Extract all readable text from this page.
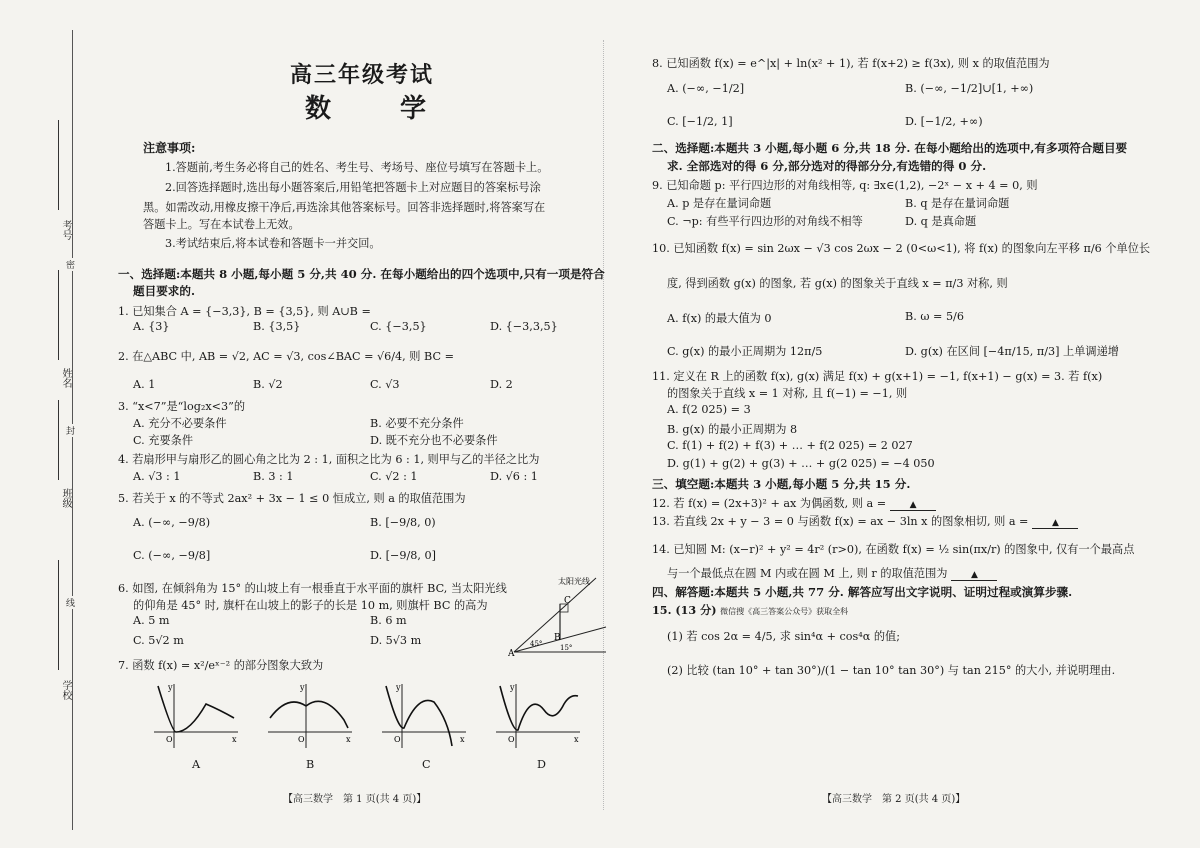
考号
姓名
班级
学校
密
封
线
高三年级考试
数 学
注意事项:
1.答题前,考生务必将自己的姓名、考生号、考场号、座位号填写在答题卡上。
2.回答选择题时,选出每小题答案后,用铅笔把答题卡上对应题目的答案标号涂
黑。如需改动,用橡皮擦干净后,再选涂其他答案标号。回答非选择题时,将答案写在
答题卡上。写在本试卷上无效。
3.考试结束后,将本试卷和答题卡一并交回。
一、选择题:本题共 8 小题,每小题 5 分,共 40 分. 在每小题给出的四个选项中,只有一项是符合
题目要求的.
1. 已知集合 A = {−3,3}, B = {3,5}, 则 A∪B =
A. {3}	B. {3,5}	C. {−3,5}	D. {−3,3,5}
2. 在△ABC 中, AB = √2, AC = √3, cos∠BAC = √6/4, 则 BC =
A. 1	B. √2	C. √3	D. 2
3. “x<7”是“log₂x<3”的
A. 充分不必要条件	B. 必要不充分条件
C. 充要条件	D. 既不充分也不必要条件
4. 若扇形甲与扇形乙的圆心角之比为 2 : 1, 面积之比为 6 : 1, 则甲与乙的半径之比为
A. √3 : 1	B. 3 : 1	C. √2 : 1	D. √6 : 1
5. 若关于 x 的不等式 2ax² + 3x − 1 ≤ 0 恒成立, 则 a 的取值范围为
A. (−∞, −9/8)	B. [−9/8, 0)
C. (−∞, −9/8]	D. [−9/8, 0]
6. 如图, 在倾斜角为 15° 的山坡上有一根垂直于水平面的旗杆 BC, 当太阳光线
的仰角是 45° 时, 旗杆在山坡上的影子的长是 10 m, 则旗杆 BC 的高为
A. 5 m	B. 6 m
C. 5√2 m	D. 5√3 m
太阳光线
C
B
A
45°	15°
7. 函数 f(x) = x²/eˣ⁻² 的部分图象大致为
y
O	x
y
O	x
y
O	x
y
O	x
A	B	C	D
【高三数学　第 1 页(共 4 页)】
8. 已知函数 f(x) = e^|x| + ln(x² + 1), 若 f(x+2) ≥ f(3x), 则 x 的取值范围为
A. (−∞, −1/2]	B. (−∞, −1/2]∪[1, +∞)
C. [−1/2, 1]	D. [−1/2, +∞)
二、选择题:本题共 3 小题,每小题 6 分,共 18 分. 在每小题给出的选项中,有多项符合题目要
求. 全部选对的得 6 分,部分选对的得部分分,有选错的得 0 分.
9. 已知命题 p: 平行四边形的对角线相等, q: ∃x∈(1,2), −2ˣ − x + 4 = 0, 则
A. p 是存在量词命题	B. q 是存在量词命题
C. ¬p: 有些平行四边形的对角线不相等	D. q 是真命题
10. 已知函数 f(x) = sin 2ωx − √3 cos 2ωx − 2 (0<ω<1), 将 f(x) 的图象向左平移 π/6 个单位长
度, 得到函数 g(x) 的图象, 若 g(x) 的图象关于直线 x = π/3 对称, 则
A. f(x) 的最大值为 0	B. ω = 5/6
C. g(x) 的最小正周期为 12π/5	D. g(x) 在区间 [−4π/15, π/3] 上单调递增
11. 定义在 R 上的函数 f(x), g(x) 满足 f(x) + g(x+1) = −1, f(x+1) − g(x) = 3. 若 f(x)
的图象关于直线 x = 1 对称, 且 f(−1) = −1, 则
A. f(2 025) = 3
B. g(x) 的最小正周期为 8
C. f(1) + f(2) + f(3) + … + f(2 025) = 2 027
D. g(1) + g(2) + g(3) + … + g(2 025) = −4 050
三、填空题:本题共 3 小题,每小题 5 分,共 15 分.
12. 若 f(x) = (2x+3)² + ax 为偶函数, 则 a =	▲
13. 若直线 2x + y − 3 = 0 与函数 f(x) = ax − 3ln x 的图象相切, 则 a =	▲
14. 已知圆 M: (x−r)² + y² = 4r² (r>0), 在函数 f(x) = ½ sin(πx/r) 的图象中, 仅有一个最高点
与一个最低点在圆 M 内或在圆 M 上, 则 r 的取值范围为	▲
四、解答题:本题共 5 小题,共 77 分. 解答应写出文字说明、证明过程或演算步骤.
15. (13 分) 微信搜《高三答案公众号》获取全科
(1) 若 cos 2α = 4/5, 求 sin⁴α + cos⁴α 的值;
(2) 比较 (tan 10° + tan 30°)/(1 − tan 10° tan 30°) 与 tan 215° 的大小, 并说明理由.
【高三数学　第 2 页(共 4 页)】
